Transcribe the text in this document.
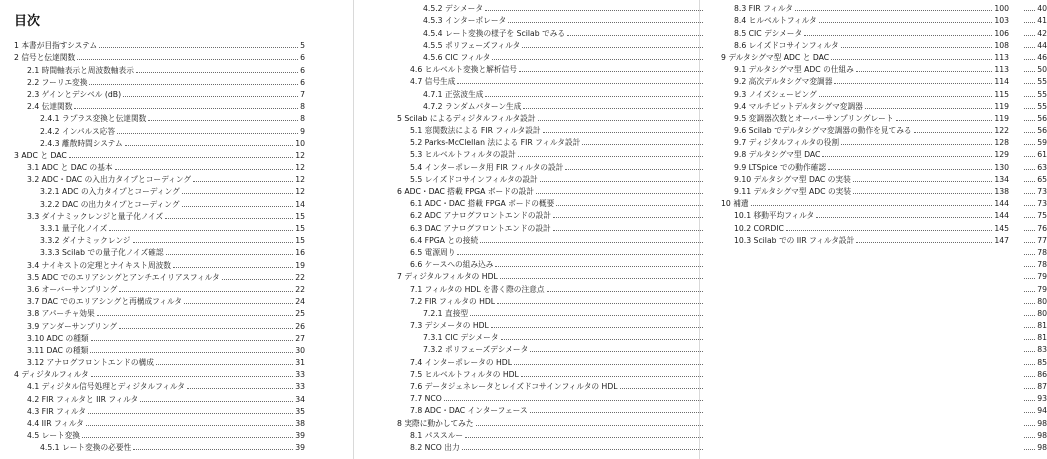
目次
1 本書が目指すシステム	5
2 信号と伝達関数	6
2.1 時間軸表示と周波数軸表示	6
2.2 フーリエ変換	6
2.3 ゲインとデシベル (dB)	7
2.4 伝達関数	8
2.4.1 ラプラス変換と伝達関数	8
2.4.2 インパルス応答	9
2.4.3 離散時間システム	10
3 ADC と DAC	12
3.1 ADC と DAC の基本	12
3.2 ADC・DAC の入出力タイプとコーディング	12
3.2.1 ADC の入力タイプとコーディング	12
3.2.2 DAC の出力タイプとコーディング	14
3.3 ダイナミックレンジと量子化ノイズ	15
3.3.1 量子化ノイズ	15
3.3.2 ダイナミックレンジ	15
3.3.3 Scilab での量子化ノイズ確認	16
3.4 ナイキストの定理とナイキスト周波数	19
3.5 ADC でのエリアシングとアンチエイリアスフィルタ	22
3.6 オーバーサンプリング	22
3.7 DAC でのエリアシングと再構成フィルタ	24
3.8 アパーチャ効果	25
3.9 アンダーサンプリング	26
3.10 ADC の種類	27
3.11 DAC の種類	30
3.12 アナログフロントエンドの構成	31
4 ディジタルフィルタ	33
4.1 ディジタル信号処理とディジタルフィルタ	33
4.2 FIR フィルタと IIR フィルタ	34
4.3 FIR フィルタ	35
4.4 IIR フィルタ	38
4.5 レート変換	39
4.5.1 レート変換の必要性	39
4.5.2 デシメータ	40
4.5.3 インターポレータ	41
4.5.4 レート変換の様子を Scilab でみる	42
4.5.5 ポリフェーズフィルタ	44
4.5.6 CIC フィルタ	46
4.6 ヒルベルト変換と解析信号	50
4.7 信号生成	55
4.7.1 正弦波生成	55
4.7.2 ランダムパターン生成	55
5 Scilab によるディジタルフィルタ設計	56
5.1 窓関数法による FIR フィルタ設計	56
5.2 Parks-McClellan 法による FIR フィルタ設計	59
5.3 ヒルベルトフィルタの設計	61
5.4 インターポレータ用 FIR フィルタの設計	63
5.5 レイズドコサインフィルタの設計	65
6 ADC・DAC 搭載 FPGA ボードの設計	73
6.1 ADC・DAC 搭載 FPGA ボードの概要	73
6.2 ADC アナログフロントエンドの設計	75
6.3 DAC アナログフロントエンドの設計	76
6.4 FPGA との接続	77
6.5 電源周り	78
6.6 ケースへの組み込み	78
7 ディジタルフィルタの HDL	79
7.1 フィルタの HDL を書く際の注意点	79
7.2 FIR フィルタの HDL	80
7.2.1 直接型	80
7.3 デシメータの HDL	81
7.3.1 CIC デシメータ	81
7.3.2 ポリフェーズデシメータ	83
7.4 インターポレータの HDL	85
7.5 ヒルベルトフィルタの HDL	86
7.6 データジェネレータとレイズドコサインフィルタの HDL	87
7.7 NCO	93
7.8 ADC・DAC インターフェース	94
8 実際に動かしてみた	98
8.1 パススルー	98
8.2 NCO 出力	98
8.3 FIR フィルタ	100
8.4 ヒルベルトフィルタ	103
8.5 CIC デシメータ	106
8.6 レイズドコサインフィルタ	108
9 デルタシグマ型 ADC と DAC	113
9.1 デルタシグマ型 ADC の仕組み	113
9.2 高次デルタシグマ変調器	114
9.3 ノイズシェーピング	115
9.4 マルチビットデルタシグマ変調器	119
9.5 変調器次数とオーバーサンプリングレート	119
9.6 Scilab でデルタシグマ変調器の動作を見てみる	122
9.7 ディジタルフィルタの役割	128
9.8 デルタシグマ型 DAC	129
9.9 LTSpice での動作確認	130
9.10 デルタシグマ型 DAC の実装	134
9.11 デルタシグマ型 ADC の実装	138
10 補遺	144
10.1 移動平均フィルタ	144
10.2 CORDIC	145
10.3 Scilab での IIR フィルタ設計	147
